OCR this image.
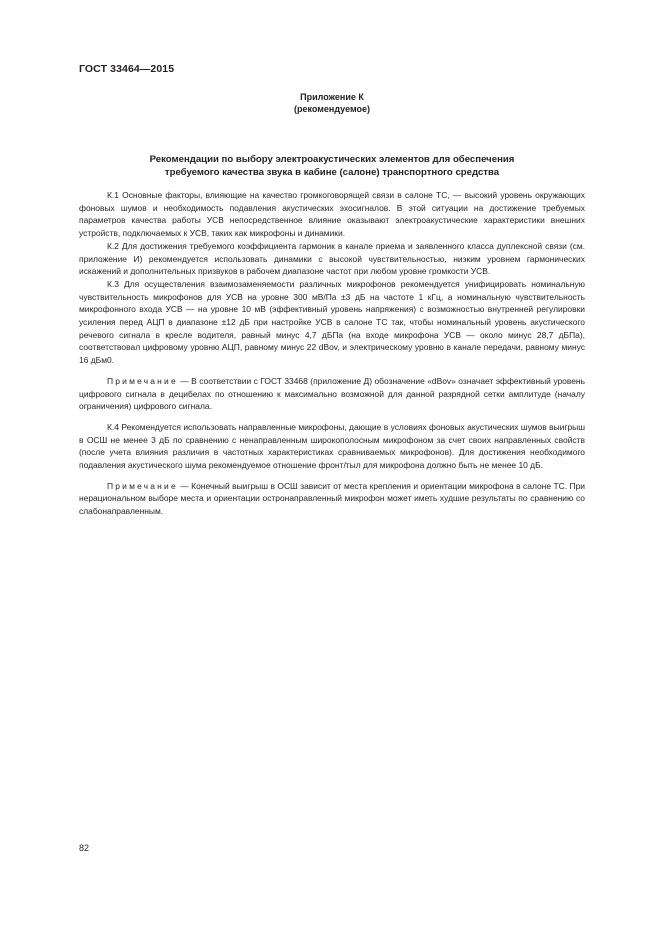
ГОСТ 33464—2015
Приложение К
(рекомендуемое)
Рекомендации по выбору электроакустических элементов для обеспечения
требуемого качества звука в кабине (салоне) транспортного средства

К.1 Основные факторы, влияющие на качество громкоговорящей связи в салоне ТС, — высокий уровень окружающих фоновых шумов и необходимость подавления акустических эхосигналов. В этой ситуации на достижение требуемых параметров качества работы УСВ непосредственное влияние оказывают электроакустические характеристики внешних устройств, подключаемых к УСВ, таких как микрофоны и динамики.

К.2 Для достижения требуемого коэффициента гармоник в канале приема и заявленного класса дуплексной связи (см. приложение И) рекомендуется использовать динамики с высокой чувствительностью, низким уровнем гармонических искажений и дополнительных призвуков в рабочем диапазоне частот при любом уровне громкости УСВ.

К.3 Для осуществления взаимозаменяемости различных микрофонов рекомендуется унифицировать номинальную чувствительность микрофонов для УСВ на уровне 300 мВ/Па ±3 дБ на частоте 1 кГц, а номинальную чувствительность микрофонного входа УСВ — на уровне 10 мВ (эффективный уровень напряжения) с возможностью внутренней регулировки усиления перед АЦП в диапазоне ±12 дБ при настройке УСВ в салоне ТС так, чтобы номинальный уровень акустического речевого сигнала в кресле водителя, равный минус 4,7 дБПа (на входе микрофона УСВ — около минус 28,7 дБПа), соответствовал цифровому уровню АЦП, равному минус 22 dBov, и электрическому уровню в канале передачи, равному минус 16 дБм0.

Примечание — В соответствии с ГОСТ 33468 (приложение Д) обозначение «dBov» означает эффективный уровень цифрового сигнала в децибелах по отношению к максимально возможной для данной разрядной сетки амплитуде (началу ограничения) цифрового сигнала.

К.4 Рекомендуется использовать направленные микрофоны, дающие в условиях фоновых акустических шумов выигрыш в ОСШ не менее 3 дБ по сравнению с ненаправленным широкополосным микрофоном за счет своих направленных свойств (после учета влияния различия в частотных характеристиках сравниваемых микрофонов). Для достижения необходимого подавления акустического шума рекомендуемое отношение фронт/тыл для микрофона должно быть не менее 10 дБ.

Примечание — Конечный выигрыш в ОСШ зависит от места крепления и ориентации микрофона в салоне ТС. При нерациональном выборе места и ориентации остронаправленный микрофон может иметь худшие результаты по сравнению со слабонаправленным.

82
